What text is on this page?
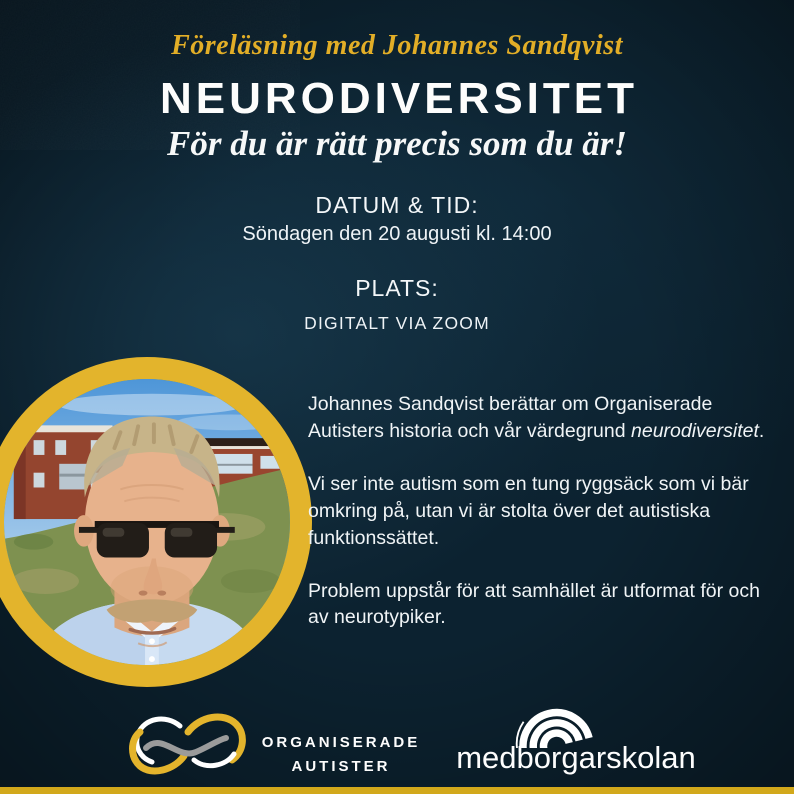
Föreläsning med Johannes Sandqvist
NEURODIVERSITET
För du är rätt precis som du är!
DATUM & TID:
Söndagen den 20 augusti kl. 14:00
PLATS:
DIGITALT VIA ZOOM

Johannes Sandqvist berättar om Organiserade Autisters historia och vår värdegrund neurodiversitet.

Vi ser inte autism som en tung ryggsäck som vi bär omkring på, utan vi är stolta över det autistiska funktionssättet.

Problem uppstår för att samhället är utformat för och av neurotypiker.

ORGANISERADE
AUTISTER	medborgarskolan
